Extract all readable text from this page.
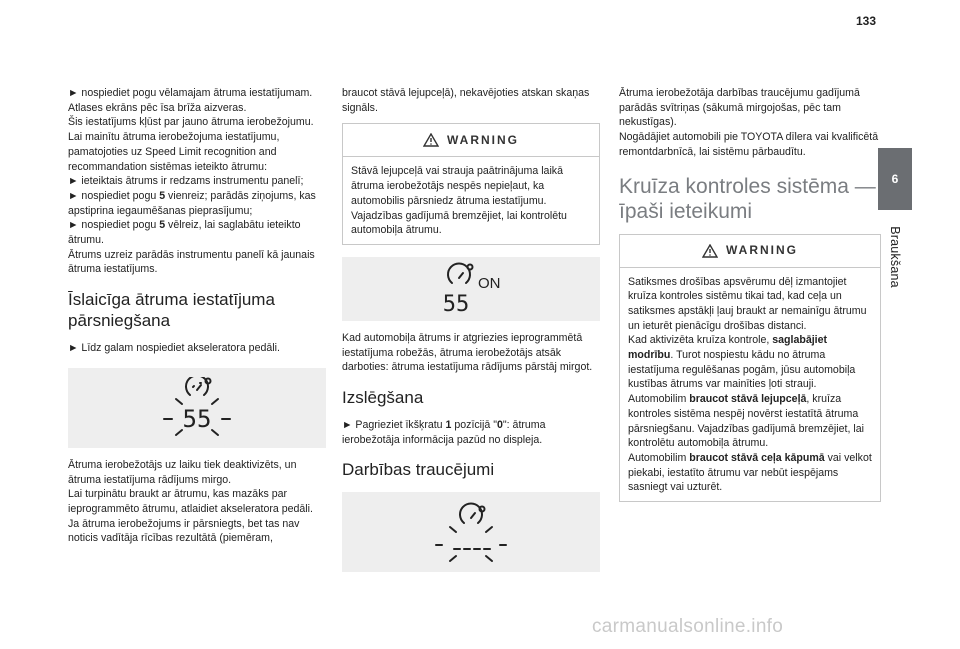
133
6
Braukšana

► nospiediet pogu vēlamajam ātruma iestatījumam.

Atlases ekrāns pēc īsa brīža aizveras.

Šis iestatījums kļūst par jauno ātruma ierobežojumu.

Lai mainītu ātruma ierobežojuma iestatījumu, pamatojoties uz Speed Limit recognition and recommandation sistēmas ieteikto ātrumu:

► ieteiktais ātrums ir redzams instrumentu panelī;

► nospiediet pogu 5 vienreiz; parādās ziņojums, kas apstiprina iegaumēšanas pieprasījumu;

► nospiediet pogu 5 vēlreiz, lai saglabātu ieteikto ātrumu.

Ātrums uzreiz parādās instrumentu panelī kā jaunais ātruma iestatījums.

Īslaicīga ātruma iestatījuma pārsniegšana

► Līdz galam nospiediet akseleratora pedāli.

55

Ātruma ierobežotājs uz laiku tiek deaktivizēts, un ātruma iestatījuma rādījums mirgo.

Lai turpinātu braukt ar ātrumu, kas mazāks par ieprogrammēto ātrumu, atlaidiet akseleratora pedāli.

Ja ātruma ierobežojums ir pārsniegts, bet tas nav noticis vadītāja rīcības rezultātā (piemēram,

braucot stāvā lejupceļā), nekavējoties atskan skaņas signāls.

WARNING
Stāvā lejupceļā vai strauja paātrinājuma laikā ātruma ierobežotājs nespēs nepieļaut, ka automobilis pārsniedz ātruma iestatījumu. Vajadzības gadījumā bremzējiet, lai kontrolētu automobiļa ātrumu.
ON
55

Kad automobiļa ātrums ir atgriezies ieprogrammētā iestatījuma robežās, ātruma ierobežotājs atsāk darboties: ātruma iestatījuma rādījums pārstāj mirgot.

Izslēgšana

► Pagrieziet īkšķratu 1 pozīcijā "0": ātruma ierobežotāja informācija pazūd no displeja.

Darbības traucējumi

Ātruma ierobežotāja darbības traucējumu gadījumā parādās svītriņas (sākumā mirgojošas, pēc tam nekustīgas).

Nogādājiet automobili pie TOYOTA dīlera vai kvalificētā remontdarbnīcā, lai sistēmu pārbaudītu.

Kruīza kontroles sistēma — īpaši ieteikumi
WARNING

Satiksmes drošības apsvērumu dēļ izmantojiet kruīza kontroles sistēmu tikai tad, kad ceļa un satiksmes apstākļi ļauj braukt ar nemainīgu ātrumu un ieturēt pienācīgu drošības distanci.

Kad aktivizēta kruīza kontrole, saglabājiet modrību. Turot nospiestu kādu no ātruma iestatījuma regulēšanas pogām, jūsu automobiļa kustības ātrums var mainīties ļoti strauji.

Automobilim braucot stāvā lejupceļā, kruīza kontroles sistēma nespēj novērst iestatītā ātruma pārsniegšanu. Vajadzības gadījumā bremzējiet, lai kontrolētu automobiļa ātrumu.

Automobilim braucot stāvā ceļa kāpumā vai velkot piekabi, iestatīto ātrumu var nebūt iespējams sasniegt vai uzturēt.

carmanualsonline.info
